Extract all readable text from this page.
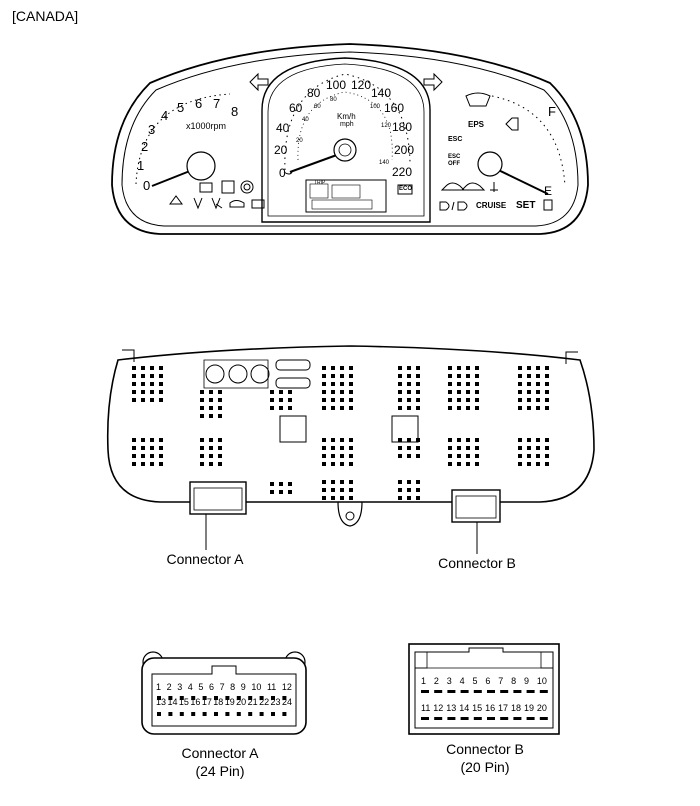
[CANADA]
0
1
2
3
4
5 6 7
8
x1000rpm
0
20
40
60
80
100 120
140
160
180
200
220
20
40
60
80
100
120
140
Km/h
mph
TRIP
ECO
EPS
ESC
ESC
OFF
CRUISE SET
F
E
Connector A	Connector B
1 2 3 4 5 6 7 8 9 10 11 12
13 14 15 16 17 18 19 20 21 22 23 24
Connector A
(24 Pin)
1 2 3 4 5 6 7 8 9 10
11 12 13 14 15 16 17 18 19 20
Connector B
(20 Pin)
